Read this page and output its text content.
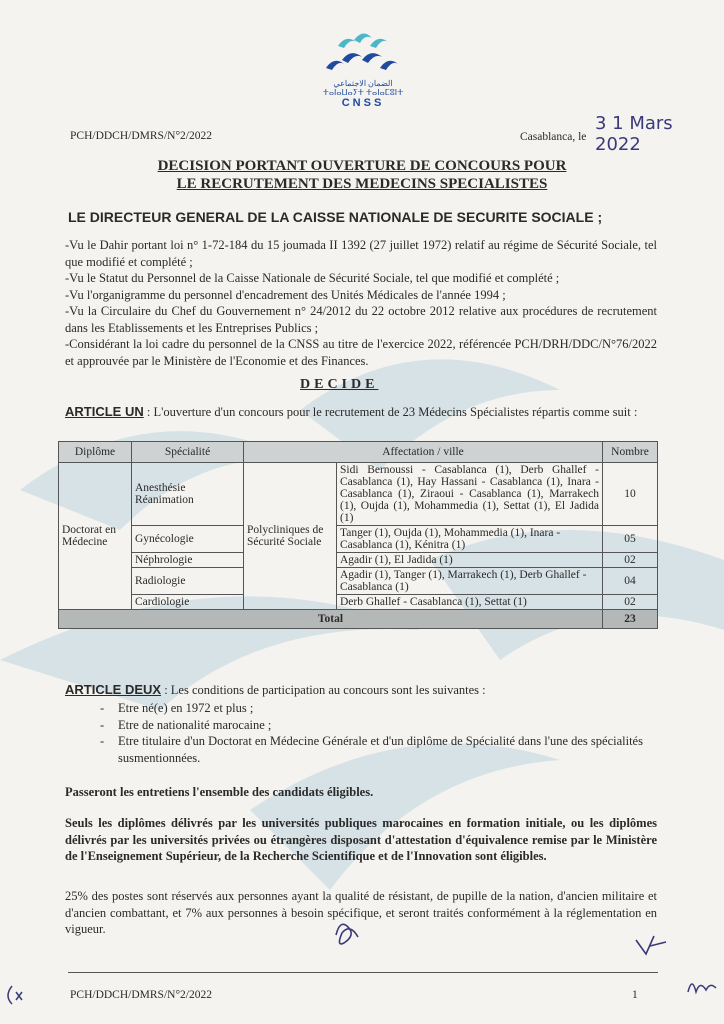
الضمان الاجتماعي
ⵜⴰⵏⴰⵡⴰⵢⵜ ⵜⴰⵏⴰⵎⵓⵏⵜ
CNSS
PCH/DDCH/DMRS/N°2/2022	Casablanca, le
3 1 Mars 2022
DECISION PORTANT OUVERTURE DE CONCOURS POUR
LE RECRUTEMENT DES MEDECINS SPECIALISTES
LE DIRECTEUR GENERAL DE LA CAISSE NATIONALE DE SECURITE SOCIALE ;
-Vu le Dahir portant loi n° 1-72-184 du 15 joumada II 1392 (27 juillet 1972) relatif au régime de Sécurité Sociale, tel que modifié et complété ;
-Vu le Statut du Personnel de la Caisse Nationale de Sécurité Sociale, tel que modifié et complété ;
-Vu l'organigramme du personnel d'encadrement des Unités Médicales de l'année 1994 ;
-Vu la Circulaire du Chef du Gouvernement n° 24/2012 du 22 octobre 2012 relative aux procédures de recrutement dans les Etablissements et les Entreprises Publics ;
-Considérant la loi cadre du personnel de la CNSS au titre de l'exercice 2022, référencée PCH/DRH/DDC/N°76/2022 et approuvée par le Ministère de l'Economie et des Finances.
DECIDE
ARTICLE UN : L'ouverture d'un concours pour le recrutement de 23 Médecins Spécialistes répartis comme suit :
Diplôme	Spécialité	Affectation / ville		Nombre
Doctorat en Médecine	Anesthésie Réanimation	Polycliniques de Sécurité Sociale	Sidi Bernoussi - Casablanca (1), Derb Ghallef - Casablanca (1), Hay Hassani - Casablanca (1), Inara - Casablanca (1), Ziraoui - Casablanca (1), Marrakech (1), Oujda (1), Mohammedia (1), Settat (1), El Jadida (1)	10
	Gynécologie		Tanger (1), Oujda (1), Mohammedia (1), Inara - Casablanca (1), Kénitra (1)	05
	Néphrologie		Agadir (1), El Jadida (1)	02
	Radiologie		Agadir (1), Tanger (1), Marrakech (1), Derb Ghallef -Casablanca (1)	04
	Cardiologie		Derb Ghallef - Casablanca (1), Settat (1)	02
Total				23
ARTICLE DEUX : Les conditions de participation au concours sont les suivantes :
- Etre né(e) en 1972 et plus ;
- Etre de nationalité marocaine ;
- Etre titulaire d'un Doctorat en Médecine Générale et d'un diplôme de Spécialité dans l'une des spécialités susmentionnées.
Passeront les entretiens l'ensemble des candidats éligibles.
Seuls les diplômes délivrés par les universités publiques marocaines en formation initiale, ou les diplômes délivrés par les universités privées ou étrangères disposant d'attestation d'équivalence remise par le Ministère de l'Enseignement Supérieur, de la Recherche Scientifique et de l'Innovation sont éligibles.
25% des postes sont réservés aux personnes ayant la qualité de résistant, de pupille de la nation, d'ancien militaire et d'ancien combattant, et 7% aux personnes à besoin spécifique, et seront traités conformément à la réglementation en vigueur.
PCH/DDCH/DMRS/N°2/2022	1
